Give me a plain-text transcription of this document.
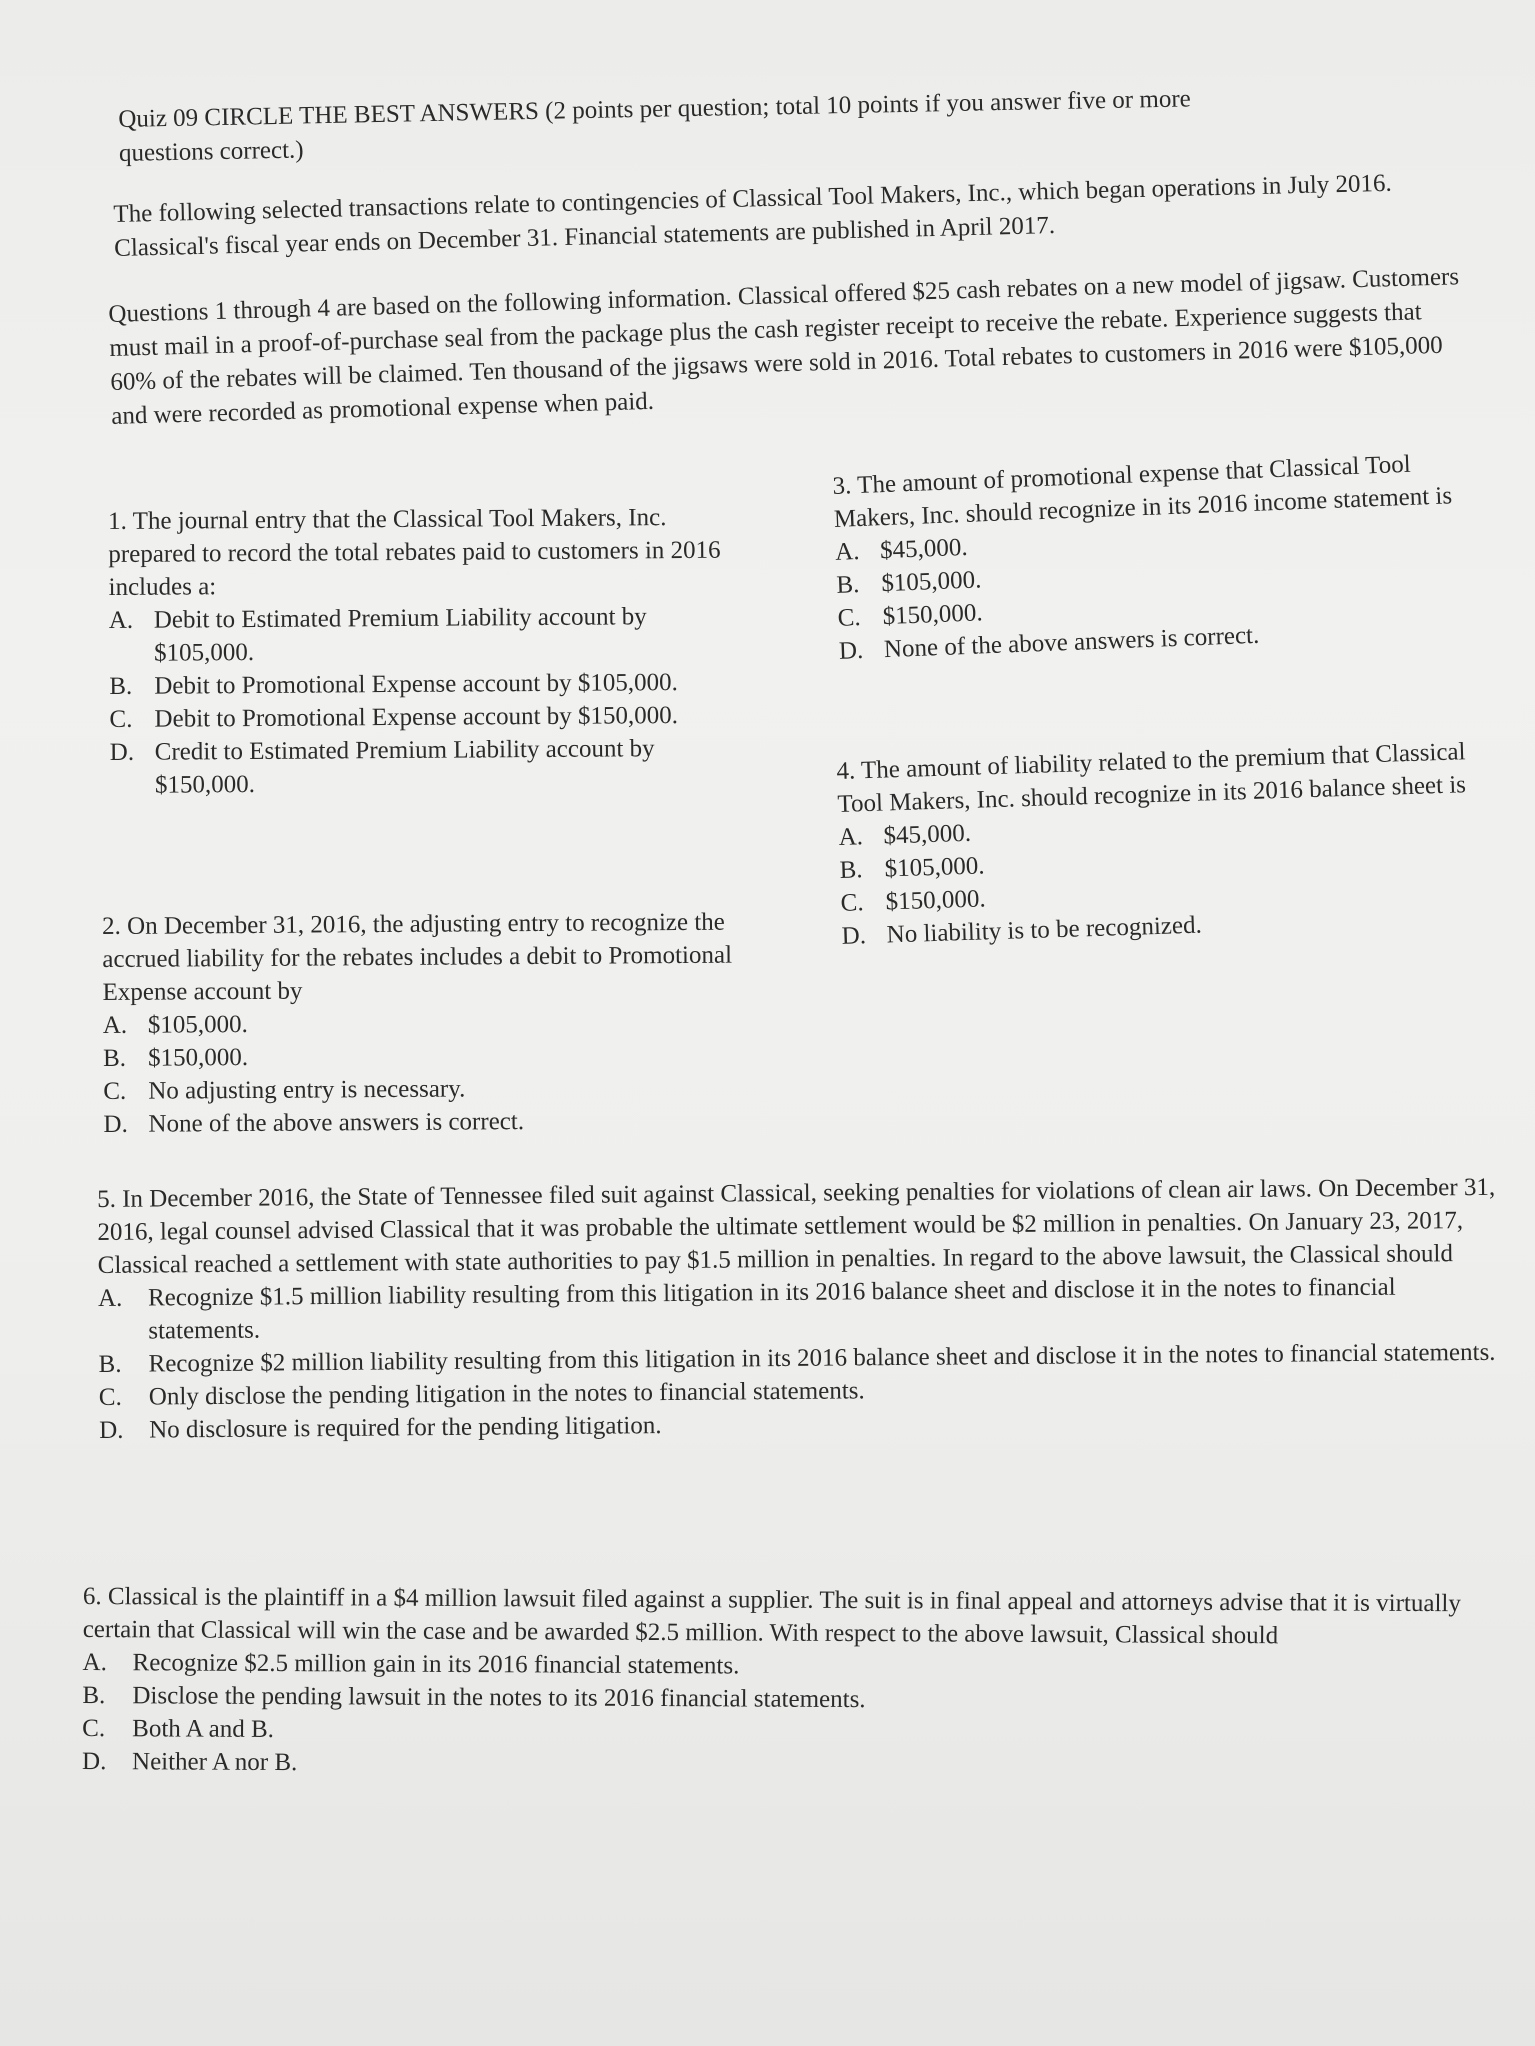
Quiz 09 CIRCLE THE BEST ANSWERS (2 points per question; total 10 points if you answer five or more

questions correct.)

The following selected transactions relate to contingencies of Classical Tool Makers, Inc., which began operations in July 2016. Classical's fiscal year ends on December 31. Financial statements are published in April 2017.

Questions 1 through 4 are based on the following information. Classical offered $25 cash rebates on a new model of jigsaw. Customers must mail in a proof-of-purchase seal from the package plus the cash register receipt to receive the rebate. Experience suggests that 60% of the rebates will be claimed. Ten thousand of the jigsaws were sold in 2016. Total rebates to customers in 2016 were $105,000 and were recorded as promotional expense when paid.

1. The journal entry that the Classical Tool Makers, Inc. prepared to record the total rebates paid to customers in 2016 includes a:

A. Debit to Estimated Premium Liability account by $105,000.
B. Debit to Promotional Expense account by $105,000.
C. Debit to Promotional Expense account by $150,000.
D. Credit to Estimated Premium Liability account by $150,000.

2. On December 31, 2016, the adjusting entry to recognize the accrued liability for the rebates includes a debit to Promotional Expense account by

A. $105,000.
B. $150,000.
C. No adjusting entry is necessary.
D. None of the above answers is correct.

3. The amount of promotional expense that Classical Tool Makers, Inc. should recognize in its 2016 income statement is

A. $45,000.
B. $105,000.
C. $150,000.
D. None of the above answers is correct.

4. The amount of liability related to the premium that Classical Tool Makers, Inc. should recognize in its 2016 balance sheet is

A. $45,000.
B. $105,000.
C. $150,000.
D. No liability is to be recognized.

5. In December 2016, the State of Tennessee filed suit against Classical, seeking penalties for violations of clean air laws. On December 31, 2016, legal counsel advised Classical that it was probable the ultimate settlement would be $2 million in penalties. On January 23, 2017, Classical reached a settlement with state authorities to pay $1.5 million in penalties. In regard to the above lawsuit, the Classical should

A. Recognize $1.5 million liability resulting from this litigation in its 2016 balance sheet and disclose it in the notes to financial statements.
B. Recognize $2 million liability resulting from this litigation in its 2016 balance sheet and disclose it in the notes to financial statements.
C. Only disclose the pending litigation in the notes to financial statements.
D. No disclosure is required for the pending litigation.

6. Classical is the plaintiff in a $4 million lawsuit filed against a supplier. The suit is in final appeal and attorneys advise that it is virtually certain that Classical will win the case and be awarded $2.5 million. With respect to the above lawsuit, Classical should

A. Recognize $2.5 million gain in its 2016 financial statements.
B. Disclose the pending lawsuit in the notes to its 2016 financial statements.
C. Both A and B.
D. Neither A nor B.
